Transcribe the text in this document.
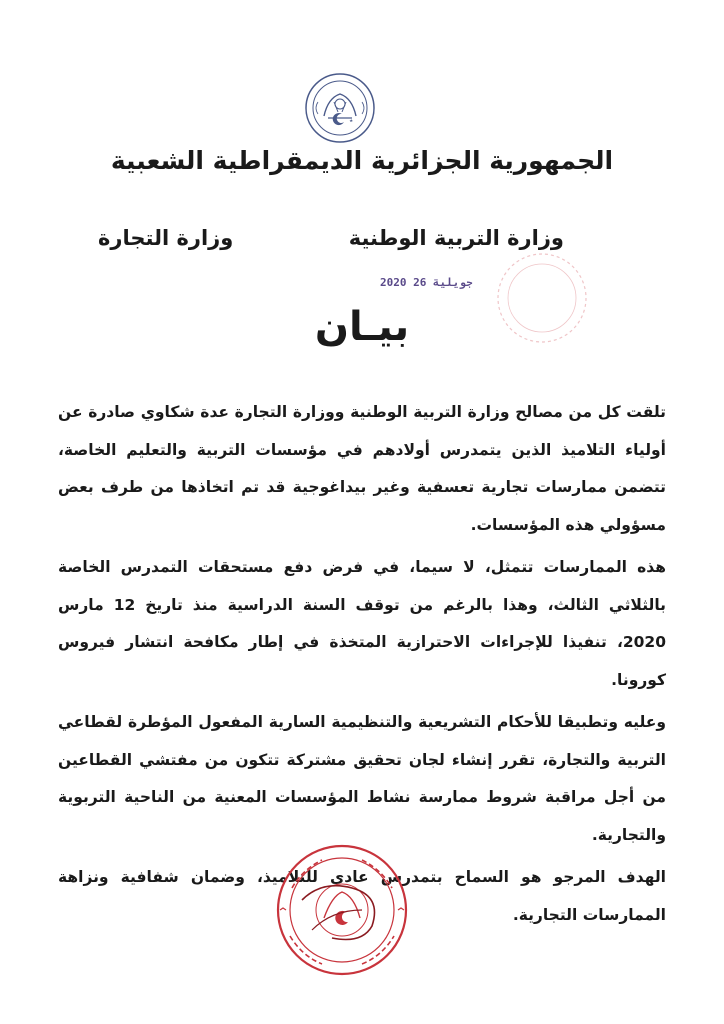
الجمهورية الجزائرية الديمقراطية الشعبية
وزارة التربية الوطنية
وزارة التجارة
2020 جويلية 26
بيـان

تلقت كل من مصالح وزارة التربية الوطنية ووزارة التجارة عدة شكاوي صادرة عن أولياء التلاميذ الذين يتمدرس أولادهم في مؤسسات التربية والتعليم الخاصة، تتضمن ممارسات تجارية تعسفية وغير بيداغوجية قد تم اتخاذها من طرف بعض مسؤولي هذه المؤسسات.

هذه الممارسات تتمثل، لا سيما، في فرض دفع مستحقات التمدرس الخاصة بالثلاثي الثالث، وهذا بالرغم من توقف السنة الدراسية منذ تاريخ 12 مارس 2020، تنفيذا للإجراءات الاحترازية المتخذة في إطار مكافحة انتشار فيروس كورونا.

وعليه وتطبيقا للأحكام التشريعية والتنظيمية السارية المفعول المؤطرة لقطاعي التربية والتجارة، تقرر إنشاء لجان تحقيق مشتركة تتكون من مفتشي القطاعين من أجل مراقبة شروط ممارسة نشاط المؤسسات المعنية من الناحية التربوية والتجارية.

الهدف المرجو هو السماح بتمدرس عادي للتلاميذ، وضمان شفافية ونزاهة الممارسات التجارية.
